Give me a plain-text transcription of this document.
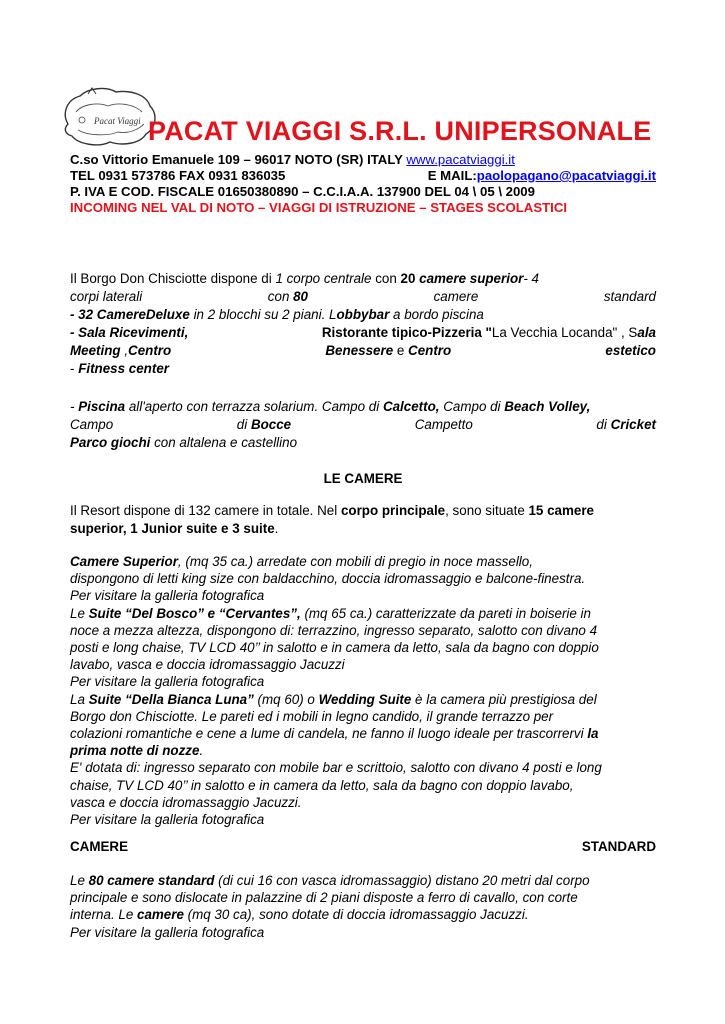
Pacat Viaggi PACAT VIAGGI S.R.L. UNIPERSONALE
C.so Vittorio Emanuele 109 – 96017 NOTO (SR) ITALY www.pacatviaggi.it
TEL 0931 573786 FAX 0931 836035	E MAIL:paolopagano@pacatviaggi.it
P. IVA E COD. FISCALE 01650380890 – C.C.I.A.A. 137900 DEL 04 \ 05 \ 2009
INCOMING NEL VAL DI NOTO – VIAGGI DI ISTRUZIONE – STAGES SCOLASTICI
Il Borgo Don Chisciotte dispone di 1 corpo centrale con 20 camere superior- 4
corpi laterali	con 80	camere	standard
- 32 CamereDeluxe in 2 blocchi su 2 piani. Lobbybar a bordo piscina
- Sala Ricevimenti,	Ristorante tipico-Pizzeria "La Vecchia Locanda" , Sala
Meeting ,Centro	Benessere e Centro	estetico
- Fitness center
- Piscina all'aperto con terrazza solarium. Campo di Calcetto, Campo di Beach Volley,
Campo	di Bocce	Campetto	di Cricket
Parco giochi con altalena e castellino
LE CAMERE
Il Resort dispone di 132 camere in totale. Nel corpo principale, sono situate 15 camere
superior, 1 Junior suite e 3 suite.
Camere Superior, (mq 35 ca.) arredate con mobili di pregio in noce massello,
dispongono di letti king size con baldacchino, doccia idromassaggio e balcone-finestra.
Per visitare la galleria fotografica
Le Suite “Del Bosco” e “Cervantes”, (mq 65 ca.) caratterizzate da pareti in boiserie in
noce a mezza altezza, dispongono di: terrazzino, ingresso separato, salotto con divano 4
posti e long chaise, TV LCD 40’’ in salotto e in camera da letto, sala da bagno con doppio
lavabo, vasca e doccia idromassaggio Jacuzzi
Per visitare la galleria fotografica
La Suite “Della Bianca Luna” (mq 60) o Wedding Suite è la camera più prestigiosa del
Borgo don Chisciotte. Le pareti ed i mobili in legno candido, il grande terrazzo per
colazioni romantiche e cene a lume di candela, ne fanno il luogo ideale per trascorrervi la
prima notte di nozze.
E' dotata di: ingresso separato con mobile bar e scrittoio, salotto con divano 4 posti e long
chaise, TV LCD 40’’ in salotto e in camera da letto, sala da bagno con doppio lavabo,
vasca e doccia idromassaggio Jacuzzi.
Per visitare la galleria fotografica
CAMERE	STANDARD
Le 80 camere standard (di cui 16 con vasca idromassaggio) distano 20 metri dal corpo
principale e sono dislocate in palazzine di 2 piani disposte a ferro di cavallo, con corte
interna. Le camere (mq 30 ca), sono dotate di doccia idromassaggio Jacuzzi.
Per visitare la galleria fotografica
